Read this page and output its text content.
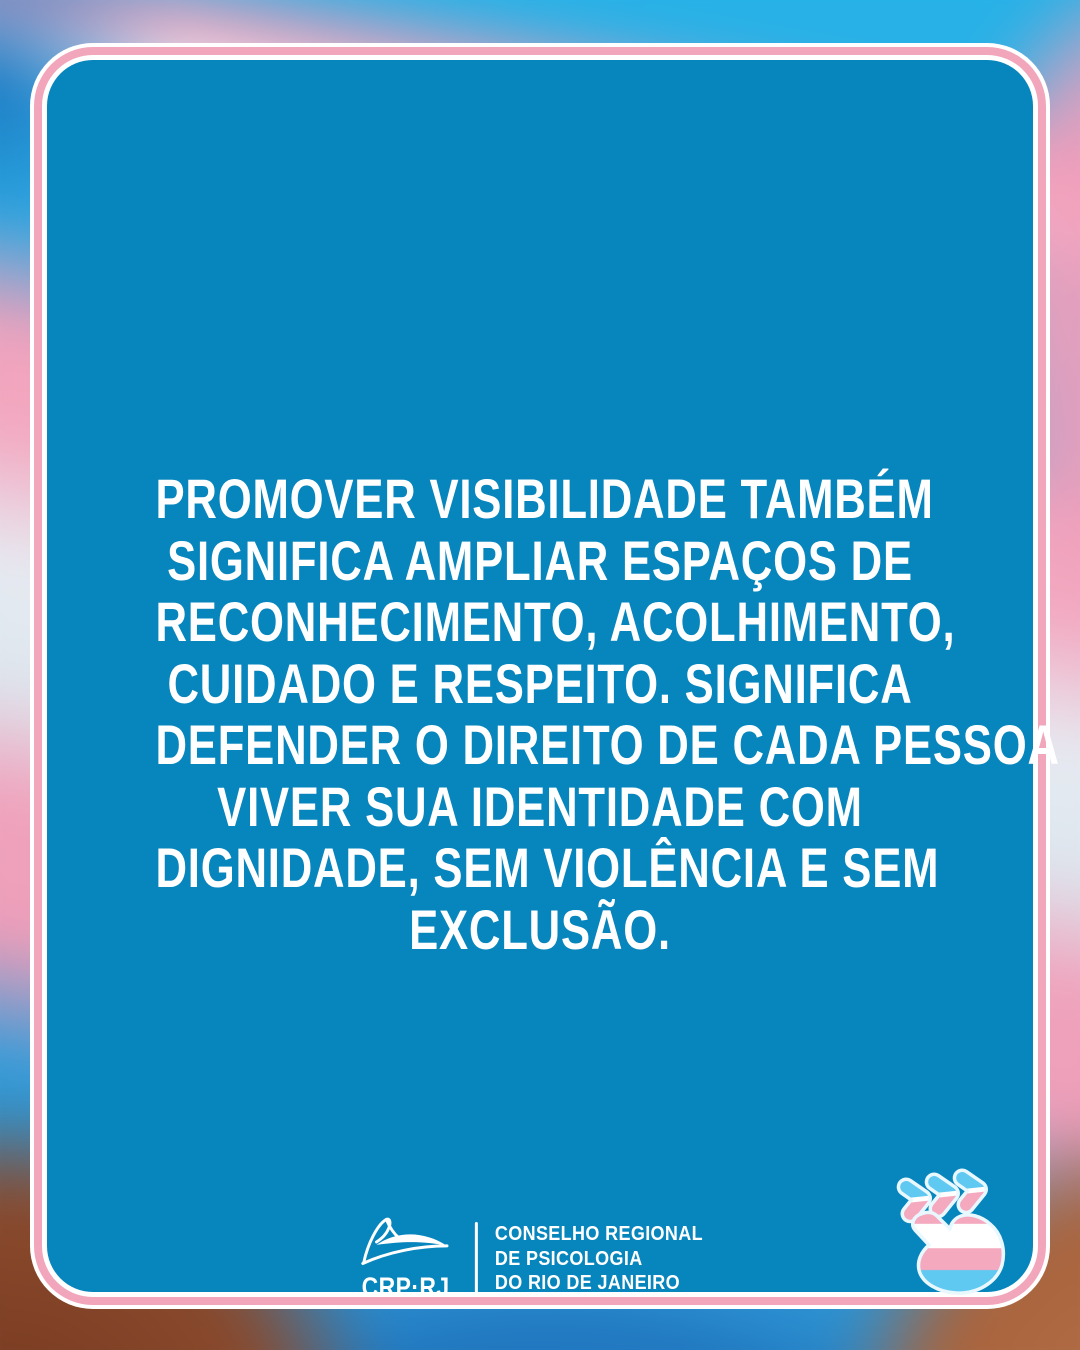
PROMOVER VISIBILIDADE TAMBÉM
SIGNIFICA AMPLIAR ESPAÇOS DE
RECONHECIMENTO, ACOLHIMENTO,
CUIDADO E RESPEITO. SIGNIFICA
DEFENDER O DIREITO DE CADA PESSOA
VIVER SUA IDENTIDADE COM
DIGNIDADE, SEM VIOLÊNCIA E SEM
EXCLUSÃO.
CRP·RJ
CONSELHO REGIONAL
DE PSICOLOGIA
DO RIO DE JANEIRO
